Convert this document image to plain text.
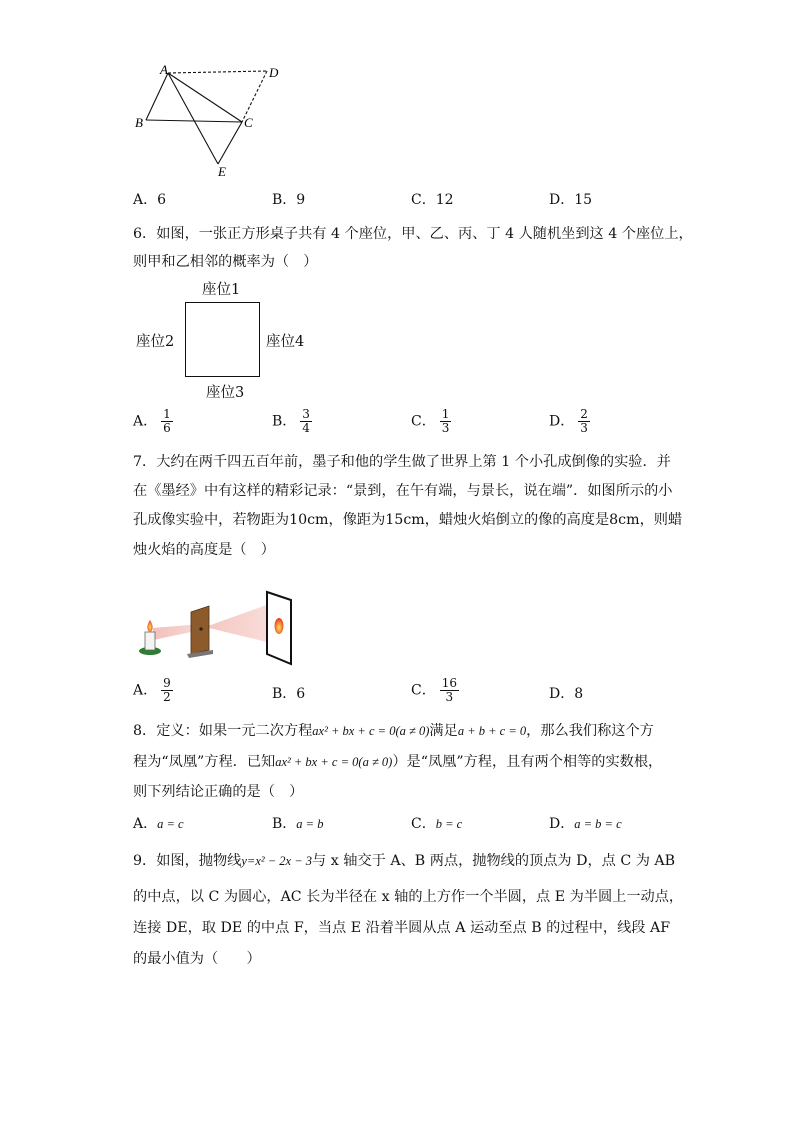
A	D
B	C
E
A．6	B．9	C．12	D．15
6．如图，一张正方形桌子共有 4 个座位，甲、乙、丙、丁 4 人随机坐到这 4 个座位上，
则甲和乙相邻的概率为（　）
座位1
座位2	座位4
座位3
A． $\frac{1}{6}$	B． $\frac{3}{4}$	C． $\frac{1}{3}$	D． $\frac{2}{3}$
7．大约在两千四五百年前，墨子和他的学生做了世界上第 1 个小孔成倒像的实验．并
在《墨经》中有这样的精彩记录：“景到，在午有端，与景长，说在端”．如图所示的小
孔成像实验中，若物距为10cm，像距为15cm，蜡烛火焰倒立的像的高度是8cm，则蜡
烛火焰的高度是（　）
A． $\frac{9}{2}$	B．6	C． $\frac{16}{3}$	D．8
8．定义：如果一元二次方程ax² + bx + c = 0(a ≠ 0)满足a + b + c = 0，那么我们称这个方
程为“凤凰”方程．已知ax² + bx + c = 0(a ≠ 0)）是“凤凰”方程，且有两个相等的实数根，
则下列结论正确的是（　）
A．a = c	B．a = b	C．b = c	D．a = b = c
9．如图，抛物线y=x² − 2x − 3与 x 轴交于 A、B 两点，抛物线的顶点为 D，点 C 为 AB
的中点，以 C 为圆心，AC 长为半径在 x 轴的上方作一个半圆，点 E 为半圆上一动点，
连接 DE，取 DE 的中点 F，当点 E 沿着半圆从点 A 运动至点 B 的过程中，线段 AF
的最小值为（　　）
